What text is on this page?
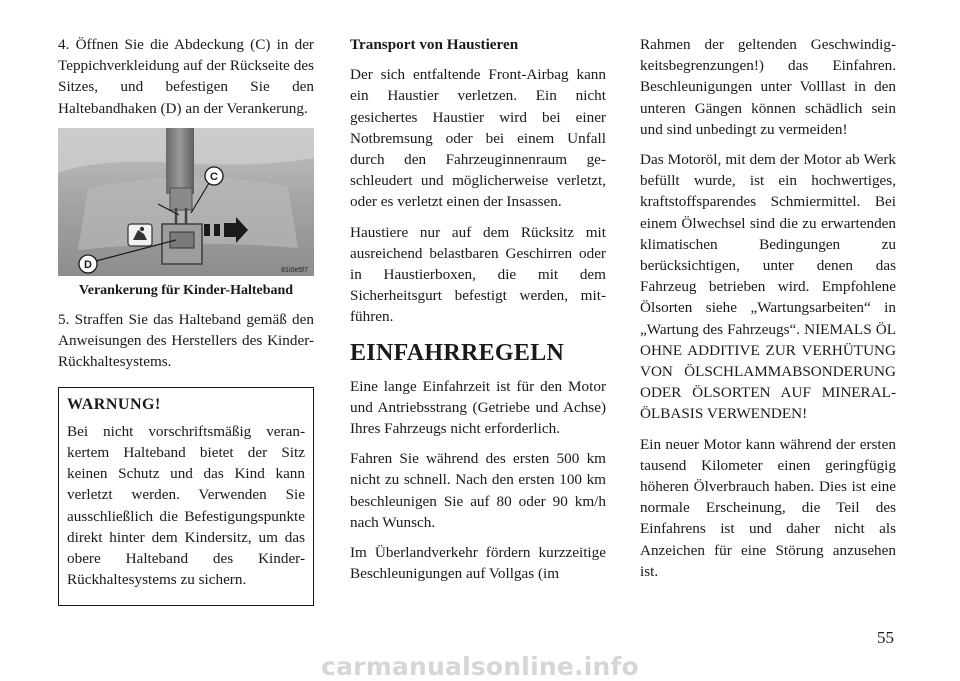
4. Öffnen Sie die Abdeckung (C) in der Teppichverkleidung auf der Rückseite des Sitzes, und befestigen Sie den Haltebandhaken (D) an der Verankerung.

C
D	81i0e5f7
Verankerung für Kinder-Halteband

5. Straffen Sie das Halteband gemäß den Anweisungen des Herstellers des Kinder-Rückhaltesystems.

WARNUNG!

Bei nicht vorschriftsmäßig verankertem Halteband bietet der Sitz keinen Schutz und das Kind kann verletzt werden. Verwenden Sie ausschließlich die Befestigungspunkte direkt hinter dem Kindersitz, um das obere Halteband des Kinder-Rückhaltesystems zu sichern.

Transport von Haustieren

Der sich entfaltende Front-Airbag kann ein Haustier verletzen. Ein nicht gesichertes Haustier wird bei einer Notbremsung oder bei einem Unfall durch den Fahrzeuginnenraum geschleudert und möglicherweise verletzt, oder es verletzt einen der Insassen.

Haustiere nur auf dem Rücksitz mit ausreichend belastbaren Geschirren oder in Haustierboxen, die mit dem Sicherheitsgurt befestigt werden, mitführen.

EINFAHRREGELN

Eine lange Einfahrzeit ist für den Motor und Antriebsstrang (Getriebe und Achse) Ihres Fahrzeugs nicht erforderlich.

Fahren Sie während des ersten 500 km nicht zu schnell. Nach den ersten 100 km beschleunigen Sie auf 80 oder 90 km/h nach Wunsch.

Im Überlandverkehr fördern kurzzeitige Beschleunigungen auf Vollgas (im

Rahmen der geltenden Geschwindigkeitsbegrenzungen!) das Einfahren. Beschleunigungen unter Volllast in den unteren Gängen können schädlich sein und sind unbedingt zu vermeiden!

Das Motoröl, mit dem der Motor ab Werk befüllt wurde, ist ein hochwertiges, kraftstoffsparendes Schmiermittel. Bei einem Ölwechsel sind die zu erwartenden klimatischen Bedingungen zu berücksichtigen, unter denen das Fahrzeug betrieben wird. Empfohlene Ölsorten siehe „Wartungsarbeiten“ in „Wartung des Fahrzeugs“. NIEMALS ÖL OHNE ADDITIVE ZUR VERHÜTUNG VON ÖLSCHLAMMABSONDERUNG ODER ÖLSORTEN AUF MINERALÖLBASIS VERWENDEN!

Ein neuer Motor kann während der ersten tausend Kilometer einen geringfügig höheren Ölverbrauch haben. Dies ist eine normale Erscheinung, die Teil des Einfahrens ist und daher nicht als Anzeichen für eine Störung anzusehen ist.

55
carmanualsonline.info
